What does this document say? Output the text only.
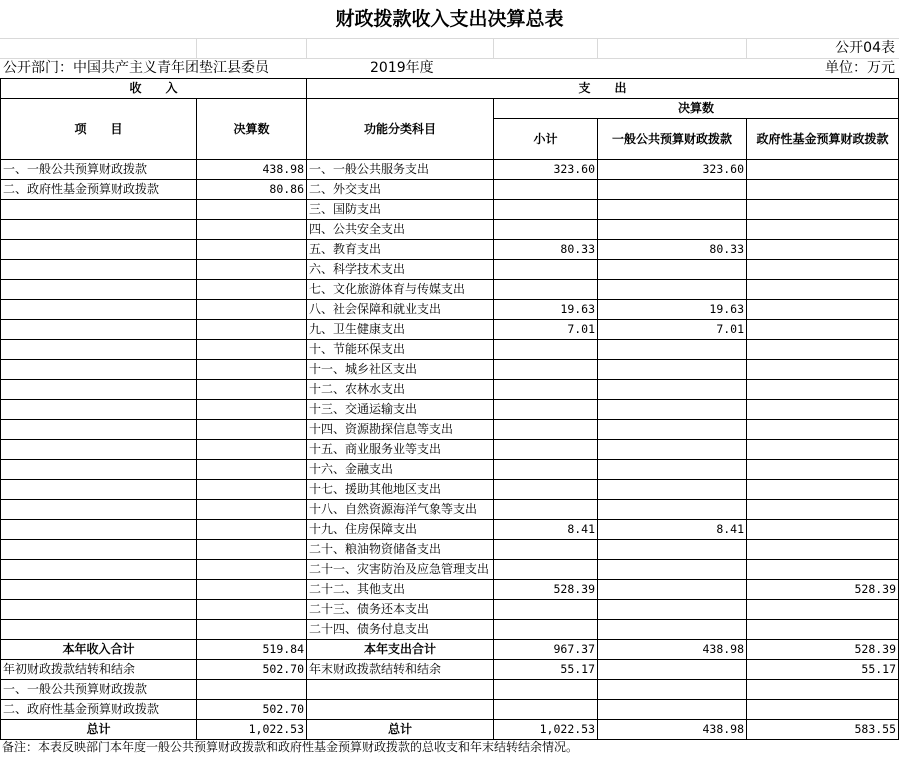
财政拨款收入支出决算总表
公开04表
公开部门：中国共产主义青年团垫江县委员	2019年度	单位：万元
收　　入		支　　出			
项　　目	决算数	功能分类科目	决算数		
			小计	一般公共预算财政拨款	政府性基金预算财政拨款

一、一般公共预算财政拨款	438.98	一、一般公共服务支出	323.60	323.60	
二、政府性基金预算财政拨款	80.86	二、外交支出			
		三、国防支出			
		四、公共安全支出			
		五、教育支出	80.33	80.33	
		六、科学技术支出			
		七、文化旅游体育与传媒支出			
		八、社会保障和就业支出	19.63	19.63	
		九、卫生健康支出	7.01	7.01	
		十、节能环保支出			
		十一、城乡社区支出			
		十二、农林水支出			
		十三、交通运输支出			
		十四、资源勘探信息等支出			
		十五、商业服务业等支出			
		十六、金融支出			
		十七、援助其他地区支出			
		十八、自然资源海洋气象等支出			
		十九、住房保障支出	8.41	8.41	
		二十、粮油物资储备支出			
		二十一、灾害防治及应急管理支出			
		二十二、其他支出	528.39		528.39
		二十三、债务还本支出			
		二十四、债务付息支出			
本年收入合计	519.84	本年支出合计	967.37	438.98	528.39
年初财政拨款结转和结余	502.70	年末财政拨款结转和结余	55.17		55.17
一、一般公共预算财政拨款					
二、政府性基金预算财政拨款	502.70				
总计	1,022.53	总计	1,022.53	438.98	583.55
备注：本表反映部门本年度一般公共预算财政拨款和政府性基金预算财政拨款的总收支和年末结转结余情况。
